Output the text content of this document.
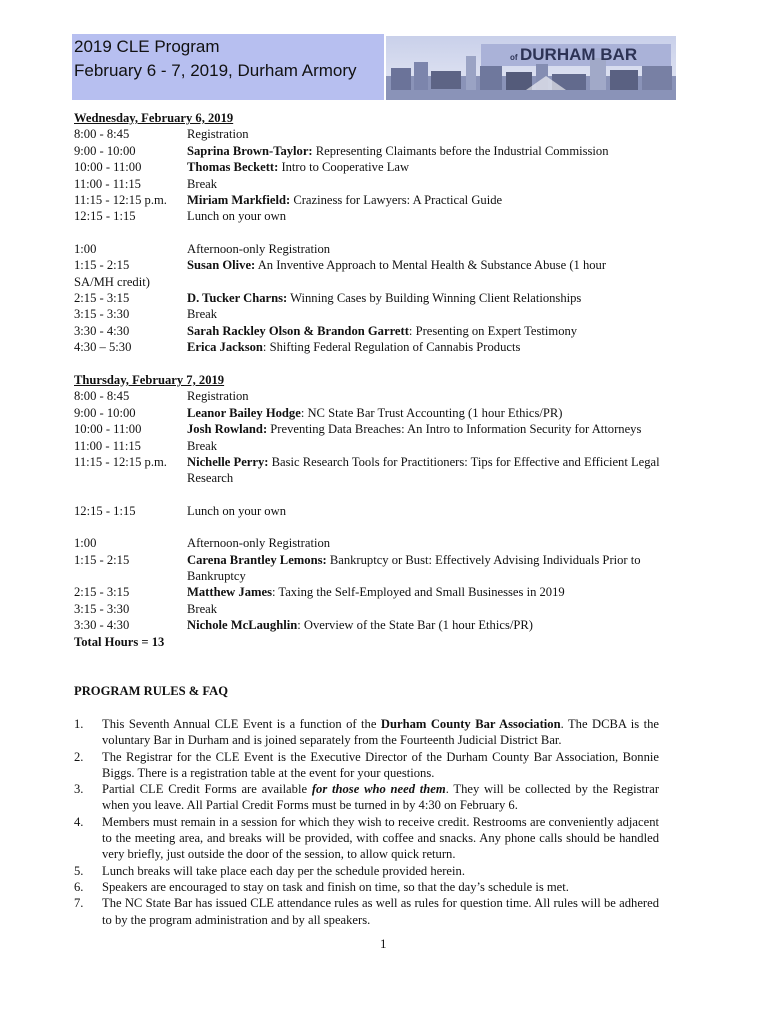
2019 CLE Program
February 6 - 7, 2019, Durham Armory
of DURHAM BAR
Wednesday, February 6, 2019
8:00 - 8:45	Registration
9:00 - 10:00	Saprina Brown-Taylor: Representing Claimants before the Industrial Commission
10:00 - 11:00	Thomas Beckett: Intro to Cooperative Law
11:00 - 11:15	Break
11:15 - 12:15 p.m.	Miriam Markfield: Craziness for Lawyers: A Practical Guide
12:15 - 1:15	Lunch on your own
1:00	Afternoon-only Registration
1:15 - 2:15	Susan Olive: An Inventive Approach to Mental Health & Substance Abuse (1 hour
SA/MH credit)
2:15 - 3:15	D. Tucker Charns: Winning Cases by Building Winning Client Relationships
3:15 - 3:30	Break
3:30 - 4:30	Sarah Rackley Olson & Brandon Garrett: Presenting on Expert Testimony
4:30 – 5:30	Erica Jackson: Shifting Federal Regulation of Cannabis Products
Thursday, February 7, 2019
8:00 - 8:45	Registration
9:00 - 10:00	Leanor Bailey Hodge: NC State Bar Trust Accounting (1 hour Ethics/PR)
10:00 - 11:00	Josh Rowland: Preventing Data Breaches: An Intro to Information Security for Attorneys
11:00 - 11:15	Break
11:15 - 12:15 p.m.	Nichelle Perry: Basic Research Tools for Practitioners: Tips for Effective and Efficient Legal Research
12:15 - 1:15	Lunch on your own
1:00	Afternoon-only Registration
1:15 - 2:15	Carena Brantley Lemons: Bankruptcy or Bust: Effectively Advising Individuals Prior to Bankruptcy
2:15 - 3:15	Matthew James: Taxing the Self-Employed and Small Businesses in 2019
3:15 - 3:30	Break
3:30 - 4:30	Nichole McLaughlin: Overview of the State Bar (1 hour Ethics/PR)
Total Hours = 13
PROGRAM RULES & FAQ
1.	This Seventh Annual CLE Event is a function of the Durham County Bar Association. The DCBA is the voluntary Bar in Durham and is joined separately from the Fourteenth Judicial District Bar.
2.	The Registrar for the CLE Event is the Executive Director of the Durham County Bar Association, Bonnie Biggs. There is a registration table at the event for your questions.
3.	Partial CLE Credit Forms are available for those who need them. They will be collected by the Registrar when you leave. All Partial Credit Forms must be turned in by 4:30 on February 6.
4.	Members must remain in a session for which they wish to receive credit. Restrooms are conveniently adjacent to the meeting area, and breaks will be provided, with coffee and snacks. Any phone calls should be handled very briefly, just outside the door of the session, to allow quick return.
5.	Lunch breaks will take place each day per the schedule provided herein.
6.	Speakers are encouraged to stay on task and finish on time, so that the day’s schedule is met.
7.	The NC State Bar has issued CLE attendance rules as well as rules for question time. All rules will be adhered to by the program administration and by all speakers.
1
